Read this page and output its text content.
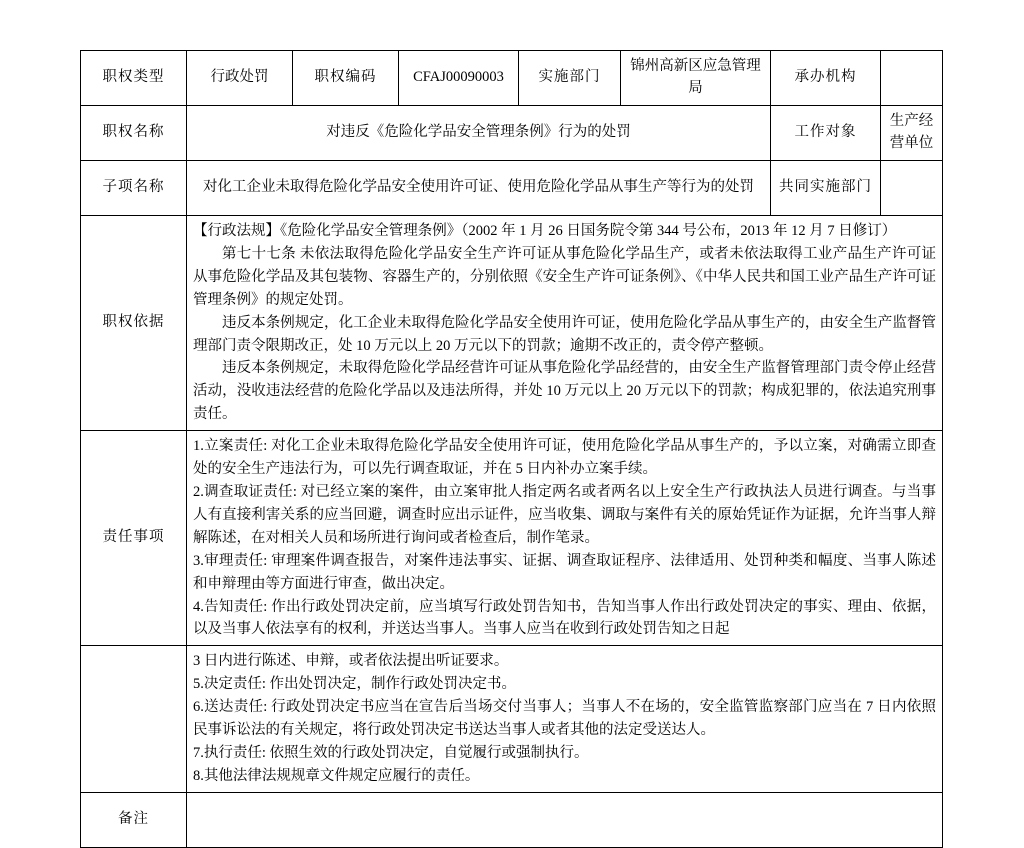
职权类型	行政处罚	职权编码	CFAJ00090003	实施部门	锦州高新区应急管理局	承办机构	
职权名称	对违反《危险化学品安全管理条例》行为的处罚					工作对象	生产经营单位
子项名称	对化工企业未取得危险化学品安全使用许可证、使用危险化学品从事生产等行为的处罚					共同实施部门	
职权依据	【行政法规】《危险化学品安全管理条例》（2002 年 1 月 26 日国务院令第 344 号公布，2013 年 12 月 7 日修订）

第七十七条 未依法取得危险化学品安全生产许可证从事危险化学品生产，或者未依法取得工业产品生产许可证从事危险化学品及其包装物、容器生产的，分别依照《安全生产许可证条例》、《中华人民共和国工业产品生产许可证管理条例》的规定处罚。

违反本条例规定，化工企业未取得危险化学品安全使用许可证，使用危险化学品从事生产的，由安全生产监督管理部门责令限期改正，处 10 万元以上 20 万元以下的罚款；逾期不改正的，责令停产整顿。

违反本条例规定，未取得危险化学品经营许可证从事危险化学品经营的，由安全生产监督管理部门责令停止经营活动，没收违法经营的危险化学品以及违法所得，并处 10 万元以上 20 万元以下的罚款；构成犯罪的，依法追究刑事责任。						

责任事项	1.立案责任: 对化工企业未取得危险化学品安全使用许可证，使用危险化学品从事生产的，予以立案，对确需立即查处的安全生产违法行为，可以先行调查取证，并在 5 日内补办立案手续。

2.调查取证责任: 对已经立案的案件，由立案审批人指定两名或者两名以上安全生产行政执法人员进行调查。与当事人有直接利害关系的应当回避，调查时应出示证件，应当收集、调取与案件有关的原始凭证作为证据，允许当事人辩解陈述，在对相关人员和场所进行询问或者检查后，制作笔录。

3.审理责任: 审理案件调查报告，对案件违法事实、证据、调查取证程序、法律适用、处罚种类和幅度、当事人陈述和申辩理由等方面进行审查，做出决定。

4.告知责任: 作出行政处罚决定前，应当填写行政处罚告知书，告知当事人作出行政处罚决定的事实、理由、依据，以及当事人依法享有的权利，并送达当事人。当事人应当在收到行政处罚告知之日起						

	3 日内进行陈述、申辩，或者依法提出听证要求。

5.决定责任: 作出处罚决定，制作行政处罚决定书。

6.送达责任: 行政处罚决定书应当在宣告后当场交付当事人；当事人不在场的，安全监管监察部门应当在 7 日内依照民事诉讼法的有关规定，将行政处罚决定书送达当事人或者其他的法定受送达人。

7.执行责任: 依照生效的行政处罚决定，自觉履行或强制执行。

8.其他法律法规规章文件规定应履行的责任。						

备注							
